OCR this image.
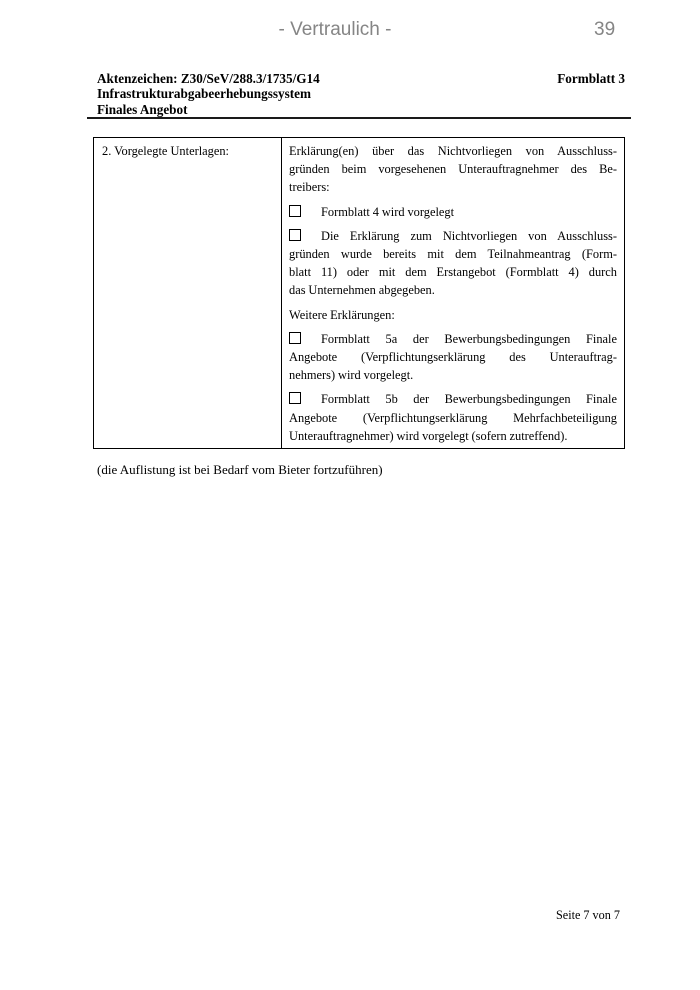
- Vertraulich -	39
Aktenzeichen: Z30/SeV/288.3/1735/G14	Formblatt 3
Infrastrukturabgabeerhebungssystem
Finales Angebot
2. Vorgelegte Unterlagen:	Erklärung(en) über das Nichtvorliegen von Ausschluss-
gründen beim vorgesehenen Unterauftragnehmer des Be-
treibers:
Formblatt 4 wird vorgelegt
Die Erklärung zum Nichtvorliegen von Ausschluss-
gründen wurde bereits mit dem Teilnahmeantrag (Form-
blatt 11) oder mit dem Erstangebot (Formblatt 4) durch
das Unternehmen abgegeben.
Weitere Erklärungen:
Formblatt 5a der Bewerbungsbedingungen Finale
Angebote (Verpflichtungserklärung des Unterauftrag-
nehmers) wird vorgelegt.
Formblatt 5b der Bewerbungsbedingungen Finale
Angebote (Verpflichtungserklärung Mehrfachbeteiligung
Unterauftragnehmer) wird vorgelegt (sofern zutreffend).
(die Auflistung ist bei Bedarf vom Bieter fortzuführen)
Seite 7 von 7
